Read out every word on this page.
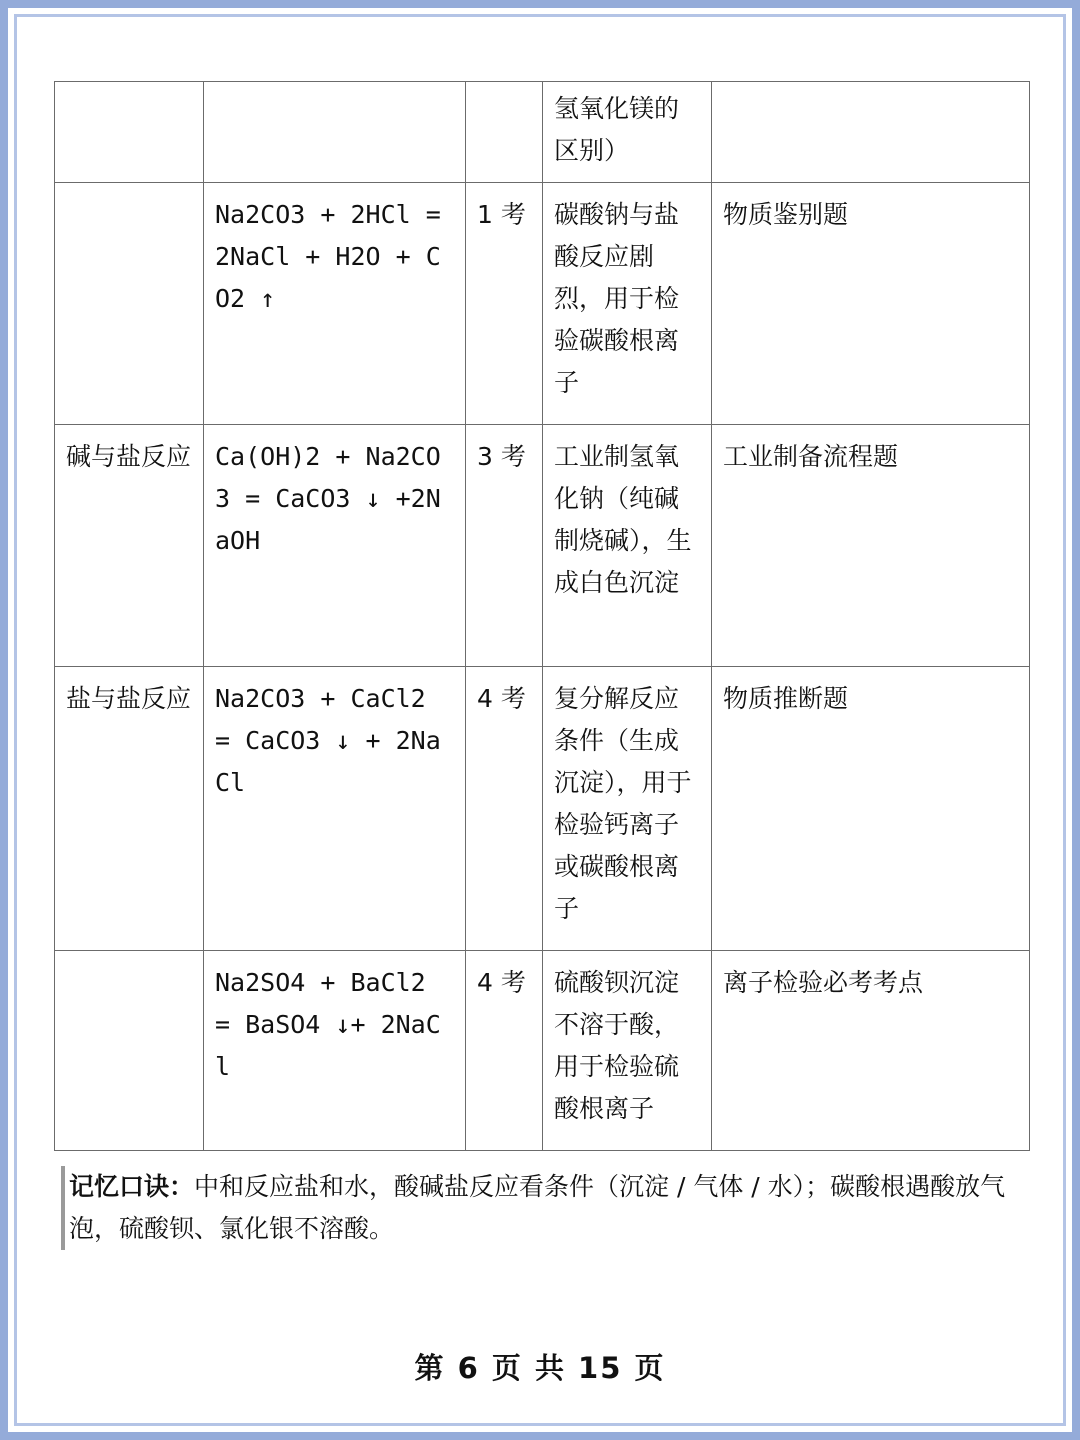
			氢氧化镁的区别）	
	Na2CO3 + 2HCl = 2NaCl + H2O + CO2 ↑	1 考	碳酸钠与盐酸反应剧烈，用于检验碳酸根离子	物质鉴别题
碱与盐反应	Ca(OH)2 + Na2CO3 = CaCO3 ↓ +2NaOH	3 考	工业制氢氧化钠（纯碱制烧碱），生成白色沉淀	工业制备流程题
盐与盐反应	Na2CO3 + CaCl2 = CaCO3 ↓ + 2NaCl	4 考	复分解反应条件（生成沉淀），用于检验钙离子或碳酸根离子	物质推断题
	Na2SO4 + BaCl2 = BaSO4 ↓+ 2NaCl	4 考	硫酸钡沉淀不溶于酸，用于检验硫酸根离子	离子检验必考考点
记忆口诀：中和反应盐和水，酸碱盐反应看条件（沉淀 / 气体 / 水）；碳酸根遇酸放气泡，硫酸钡、氯化银不溶酸。
第 6 页 共 15 页
